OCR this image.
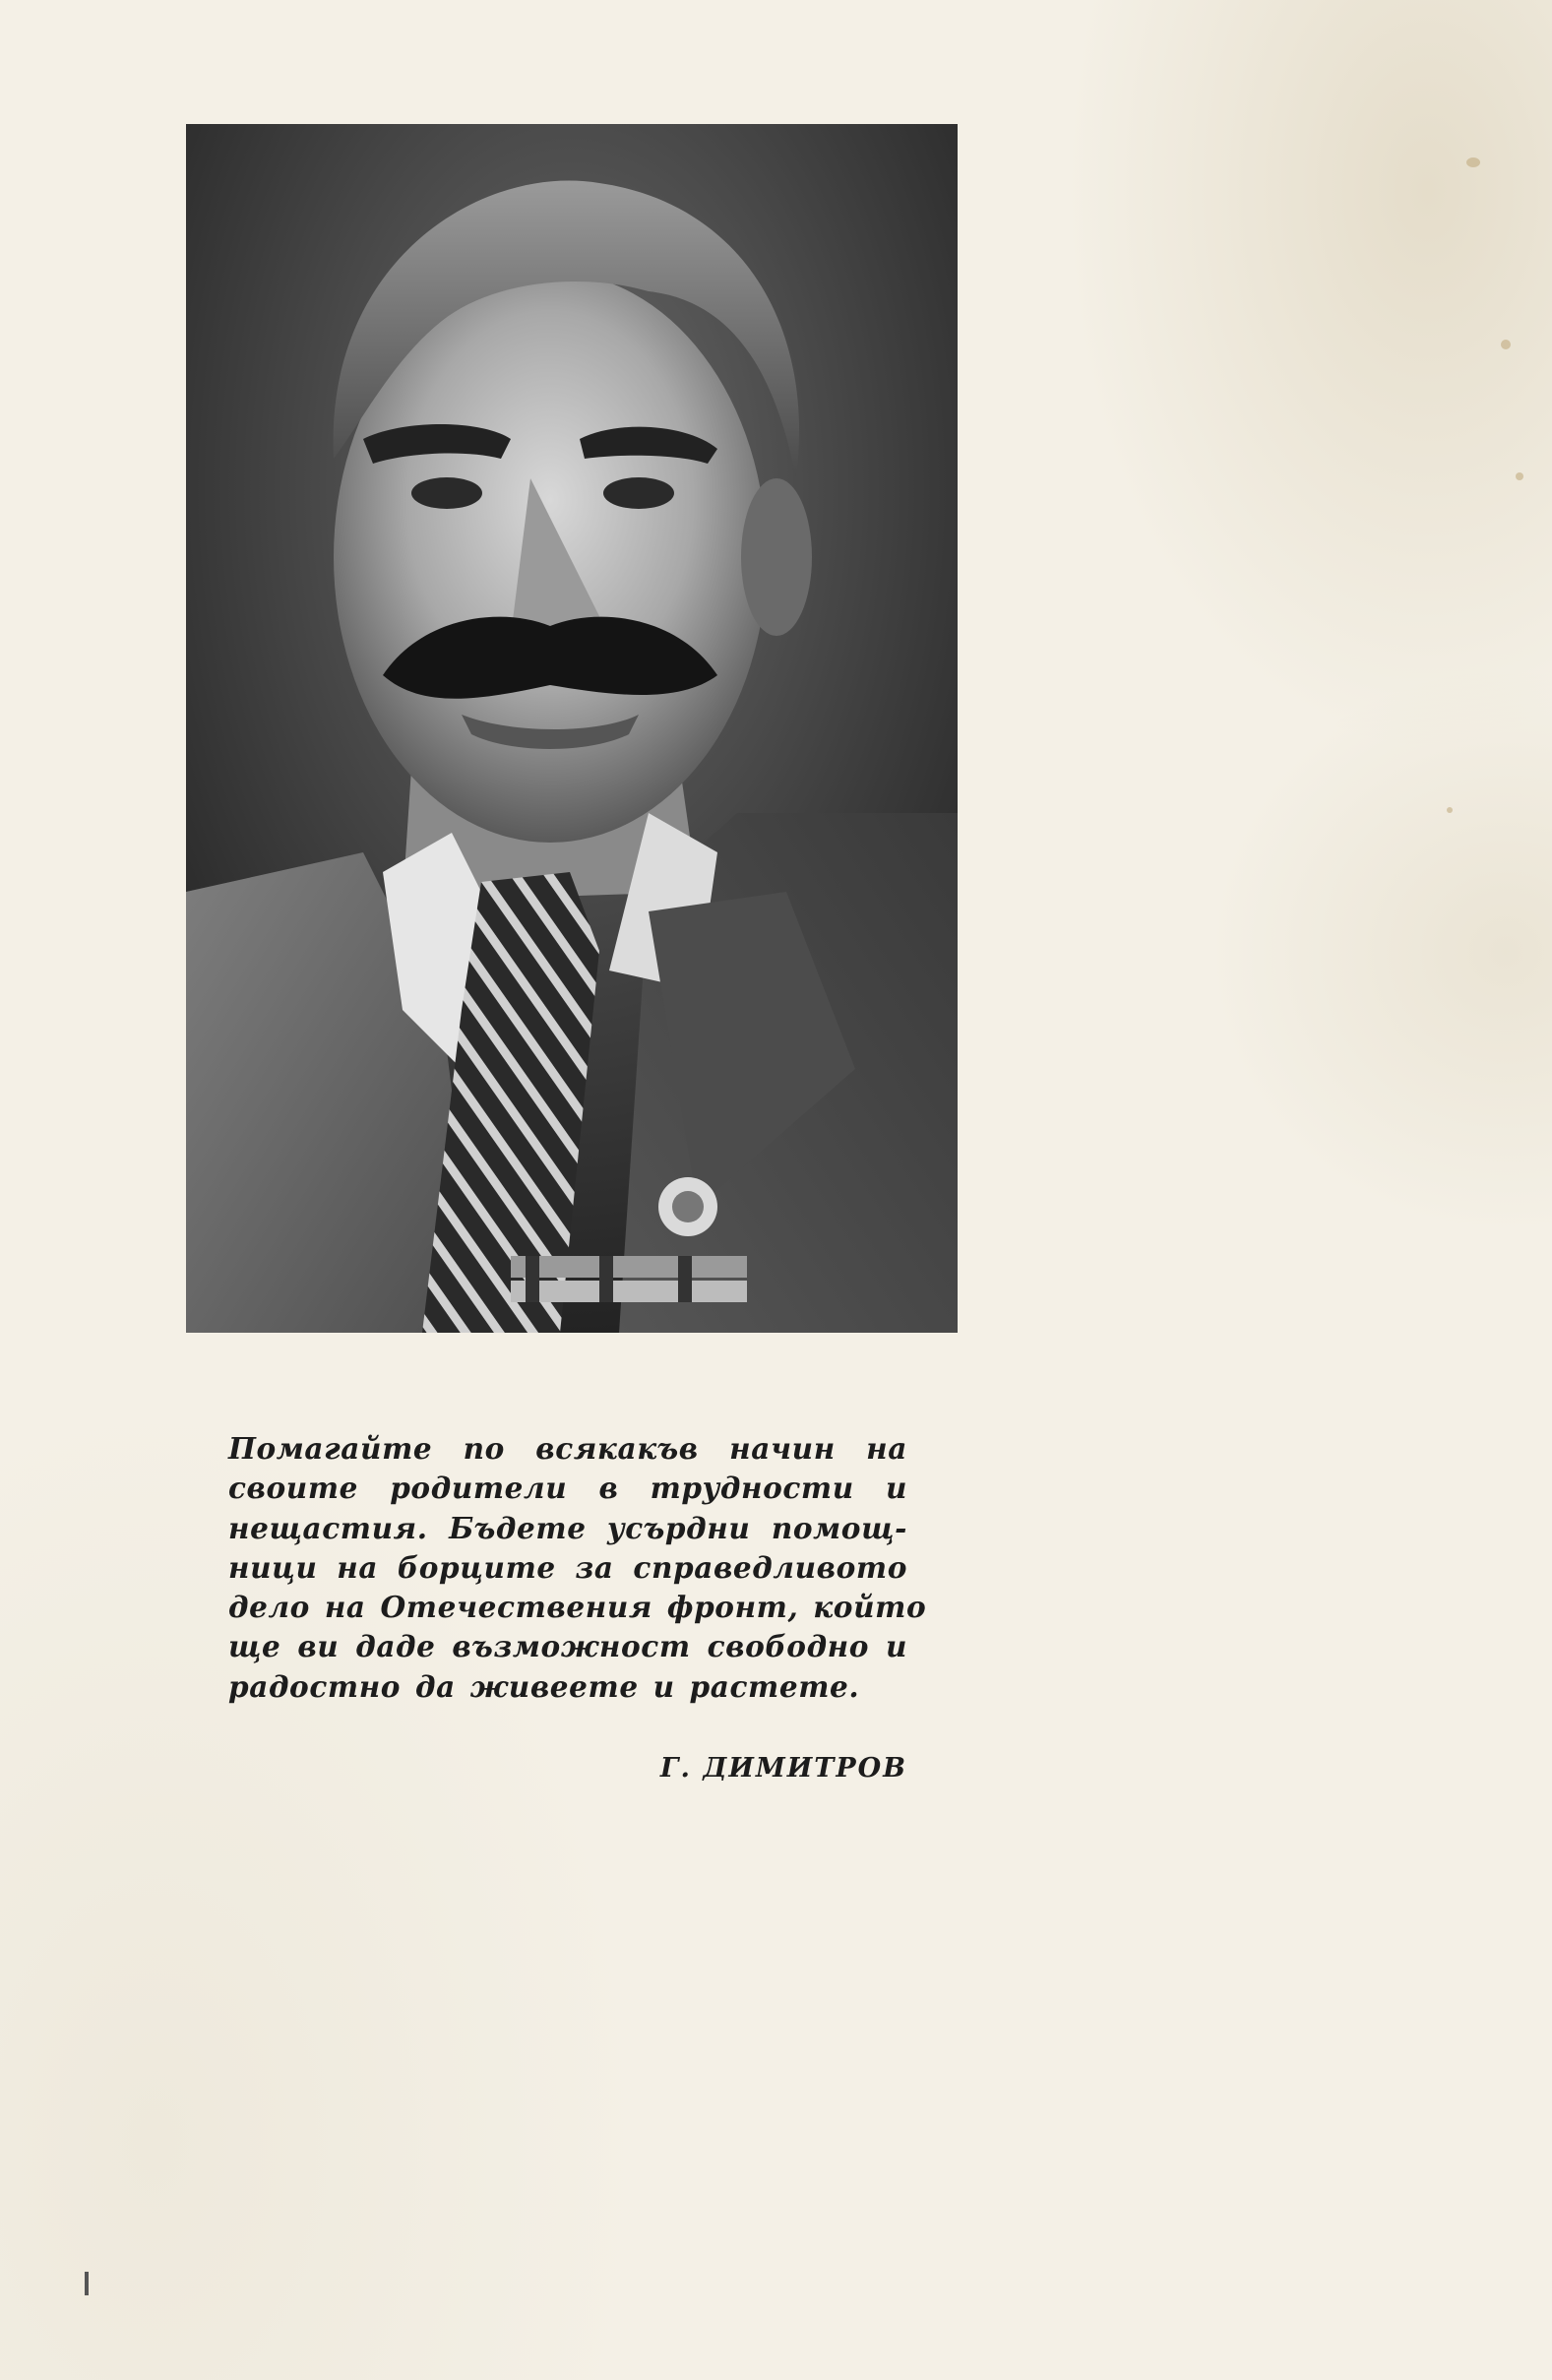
Помагайте по всякакъв начин на
своите родители в трудности и
нещастия. Бъдете усърдни помощ-
ници на борците за справедливото
дело на Отечествения фронт, който
ще ви даде възможност свободно и
радостно да живеете и растете.
Г. ДИМИТРОВ
